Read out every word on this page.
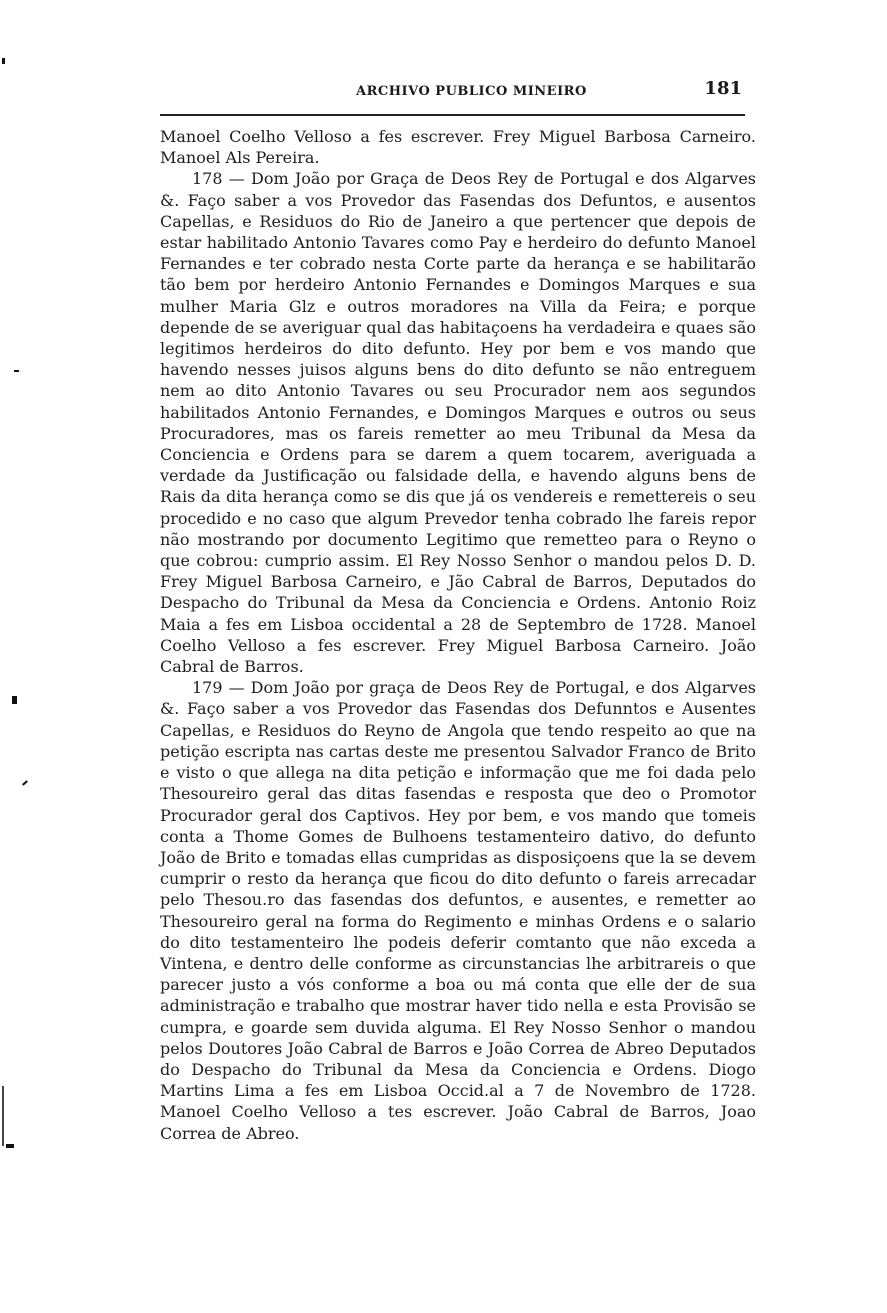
ARCHIVO PUBLICO MINEIRO	181

Manoel Coelho Velloso a fes escrever. Frey Miguel Barbosa Carneiro. Manoel Als Pereira.

178 — Dom João por Graça de Deos Rey de Portugal e dos Algarves &. Faço saber a vos Provedor das Fasendas dos Defuntos, e ausentos Capellas, e Residuos do Rio de Janeiro a que pertencer que depois de estar habilitado Antonio Tavares como Pay e herdeiro do defunto Manoel Fernandes e ter cobrado nesta Corte parte da herança e se habilitarão tão bem por herdeiro Antonio Fernandes e Domingos Marques e sua mulher Maria Glz e outros moradores na Villa da Feira; e porque depende de se averiguar qual das habitaçoens ha verdadeira e quaes são legitimos herdeiros do dito defunto. Hey por bem e vos mando que havendo nesses juisos alguns bens do dito defunto se não entreguem nem ao dito Antonio Tavares ou seu Procurador nem aos segundos habilitados Antonio Fernandes, e Domingos Marques e outros ou seus Procuradores, mas os fareis remetter ao meu Tribunal da Mesa da Conciencia e Ordens para se darem a quem tocarem, averiguada a verdade da Justificação ou falsidade della, e havendo alguns bens de Rais da dita herança como se dis que já os vendereis e remettereis o seu procedido e no caso que algum Prevedor tenha cobrado lhe fareis repor não mostrando por documento Legitimo que remetteo para o Reyno o que cobrou: cumprio assim. El Rey Nosso Senhor o mandou pelos D. D. Frey Miguel Barbosa Carneiro, e Jão Cabral de Barros, Deputados do Despacho do Tribunal da Mesa da Conciencia e Ordens. Antonio Roiz Maia a fes em Lisboa occidental a 28 de Septembro de 1728. Manoel Coelho Velloso a fes escrever. Frey Miguel Barbosa Carneiro. João Cabral de Barros.

179 — Dom João por graça de Deos Rey de Portugal, e dos Algarves &. Faço saber a vos Provedor das Fasendas dos Defunntos e Ausentes Capellas, e Residuos do Reyno de Angola que tendo respeito ao que na petição escripta nas cartas deste me presentou Salvador Franco de Brito e visto o que allega na dita petição e informação que me foi dada pelo Thesoureiro geral das ditas fasendas e resposta que deo o Promotor Procurador geral dos Captivos. Hey por bem, e vos mando que tomeis conta a Thome Gomes de Bulhoens testamenteiro dativo, do defunto João de Brito e tomadas ellas cumpridas as disposiçoens que la se devem cumprir o resto da herança que ficou do dito defunto o fareis arrecadar pelo Thesou.ro das fasendas dos defuntos, e ausentes, e remetter ao Thesoureiro geral na forma do Regimento e minhas Ordens e o salario do dito testamenteiro lhe podeis deferir comtanto que não exceda a Vintena, e dentro delle conforme as circunstancias lhe arbitrareis o que parecer justo a vós conforme a boa ou má conta que elle der de sua administração e trabalho que mostrar haver tido nella e esta Provisão se cumpra, e goarde sem duvida alguma. El Rey Nosso Senhor o mandou pelos Doutores João Cabral de Barros e João Correa de Abreo Deputados do Despacho do Tribunal da Mesa da Conciencia e Ordens. Diogo Martins Lima a fes em Lisboa Occid.al a 7 de Novembro de 1728. Manoel Coelho Velloso a tes escrever. João Cabral de Barros, Joao Correa de Abreo.
